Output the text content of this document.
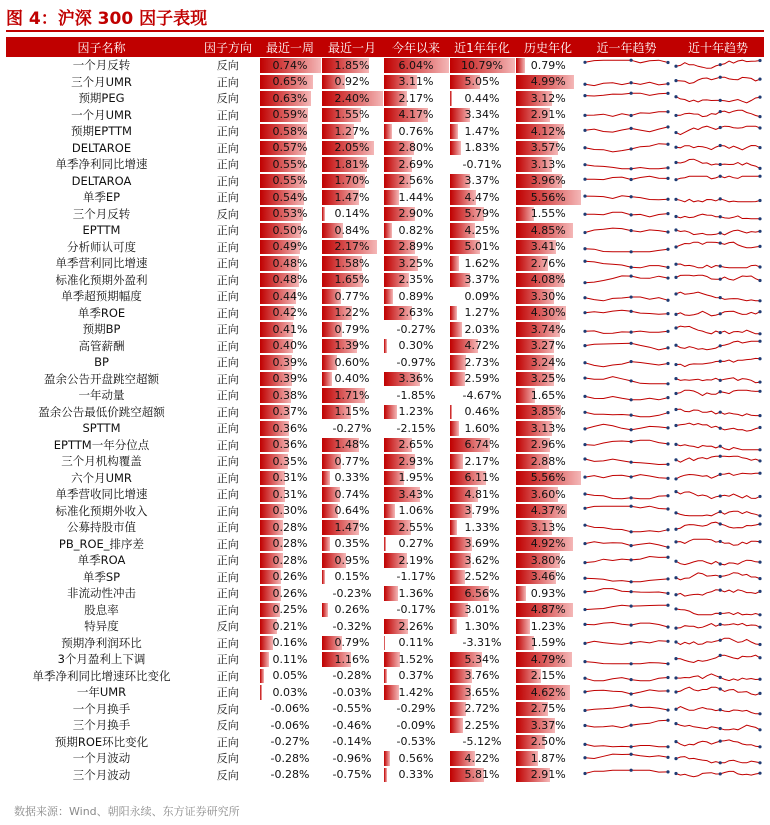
图 4：沪深 300 因子表现
因子名称	因子方向	最近一周	最近一月	今年以来	近1年年化	历史年化	近一年趋势	近十年趋势
一个月反转	反向	0.74%	1.85%	6.04%	10.79%	0.79%	

三个月UMR	正向	0.65%	0.92%	3.11%	5.05%	4.99%	

预期PEG	反向	0.63%	2.40%	2.17%	0.44%	3.12%	

一个月UMR	正向	0.59%	1.55%	4.17%	3.34%	2.91%	

预期EPTTM	正向	0.58%	1.27%	0.76%	1.47%	4.12%	

DELTAROE	正向	0.57%	2.05%	2.80%	1.83%	3.57%	

单季净利同比增速	正向	0.55%	1.81%	2.69%	-0.71%	3.13%	

DELTAROA	正向	0.55%	1.70%	2.56%	3.37%	3.96%	

单季EP	正向	0.54%	1.47%	1.44%	4.47%	5.56%	

三个月反转	反向	0.53%	0.14%	2.90%	5.79%	1.55%	

EPTTM	正向	0.50%	0.84%	0.82%	4.25%	4.85%	

分析师认可度	正向	0.49%	2.17%	2.89%	5.01%	3.41%	

单季营利同比增速	正向	0.48%	1.58%	3.25%	1.62%	2.76%	

标准化预期外盈利	正向	0.48%	1.65%	2.35%	3.37%	4.08%	

单季超预期幅度	正向	0.44%	0.77%	0.89%	0.09%	3.30%	

单季ROE	正向	0.42%	1.22%	2.63%	1.27%	4.30%	

预期BP	正向	0.41%	0.79%	-0.27%	2.03%	3.74%	

高管薪酬	正向	0.40%	1.39%	0.30%	4.72%	3.27%	

BP	正向	0.39%	0.60%	-0.97%	2.73%	3.24%	

盈余公告开盘跳空超额	正向	0.39%	0.40%	3.36%	2.59%	3.25%	

一年动量	正向	0.38%	1.71%	-1.85%	-4.67%	1.65%	

盈余公告最低价跳空超额	正向	0.37%	1.15%	1.23%	0.46%	3.85%	

SPTTM	正向	0.36%	-0.27%	-2.15%	1.60%	3.13%	

EPTTM一年分位点	正向	0.36%	1.48%	2.65%	6.74%	2.96%	

三个月机构覆盖	正向	0.35%	0.77%	2.93%	2.17%	2.88%	

六个月UMR	正向	0.31%	0.33%	1.95%	6.11%	5.56%	

单季营收同比增速	正向	0.31%	0.74%	3.43%	4.81%	3.60%	

标准化预期外收入	正向	0.30%	0.64%	1.06%	3.79%	4.37%	

公募持股市值	正向	0.28%	1.47%	2.55%	1.33%	3.13%	

PB_ROE_排序差	正向	0.28%	0.35%	0.27%	3.69%	4.92%	

单季ROA	正向	0.28%	0.95%	2.19%	3.62%	3.80%	

单季SP	正向	0.26%	0.15%	-1.17%	2.52%	3.46%	

非流动性冲击	正向	0.26%	-0.23%	1.36%	6.56%	0.93%	

股息率	正向	0.25%	0.26%	-0.17%	3.01%	4.87%	

特异度	反向	0.21%	-0.32%	2.26%	1.30%	1.23%	

预期净利润环比	正向	0.16%	0.79%	0.11%	-3.31%	1.59%	

3个月盈利上下调	正向	0.11%	1.16%	1.52%	5.34%	4.79%	

单季净利同比增速环比变化	正向	0.05%	-0.28%	0.37%	3.76%	2.15%	

一年UMR	正向	0.03%	-0.03%	1.42%	3.65%	4.62%	

一个月换手	反向	-0.06%	-0.55%	-0.29%	2.72%	2.75%	

三个月换手	反向	-0.06%	-0.46%	-0.09%	2.25%	3.37%	

预期ROE环比变化	正向	-0.27%	-0.14%	-0.53%	-5.12%	2.50%	

一个月波动	反向	-0.28%	-0.96%	0.56%	4.22%	1.87%	

三个月波动	反向	-0.28%	-0.75%	0.33%	5.81%	2.91%	

数据来源：Wind、朝阳永续、东方证券研究所
